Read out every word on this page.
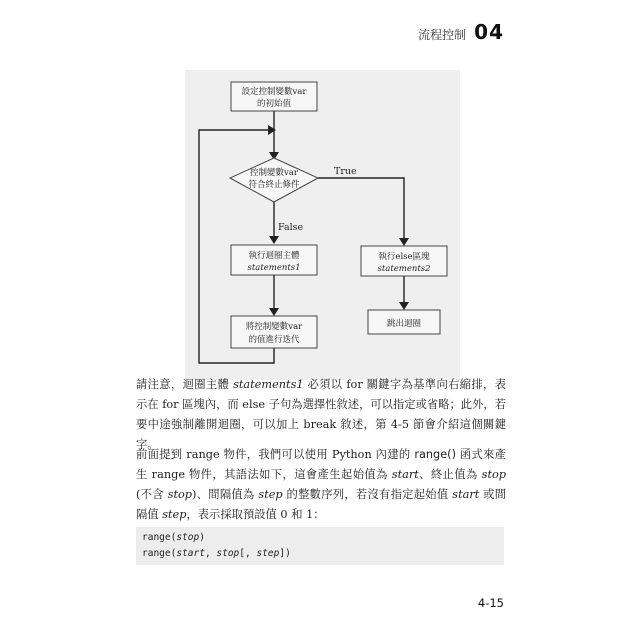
流程控制 04
設定控制變數var
的初始值
控制變數var
符合終止條件
True
False
執行迴圈主體
statements1
執行else區塊
statements2
將控制變數var
的值進行迭代
跳出迴圈

請注意，迴圈主體 statements1 必須以 for 關鍵字為基準向右縮排，表示在 for 區塊內，而 else 子句為選擇性敘述，可以指定或省略；此外，若要中途強制離開迴圈，可以加上 break 敘述，第 4-5 節會介紹這個關鍵字。

前面提到 range 物件，我們可以使用 Python 內建的 range() 函式來產生 range 物件，其語法如下，這會產生起始值為 start、終止值為 stop (不含 stop)、間隔值為 step 的整數序列，若沒有指定起始值 start 或間隔值 step，表示採取預設值 0 和 1：

range(stop)
range(start, stop[, step])
4-15
